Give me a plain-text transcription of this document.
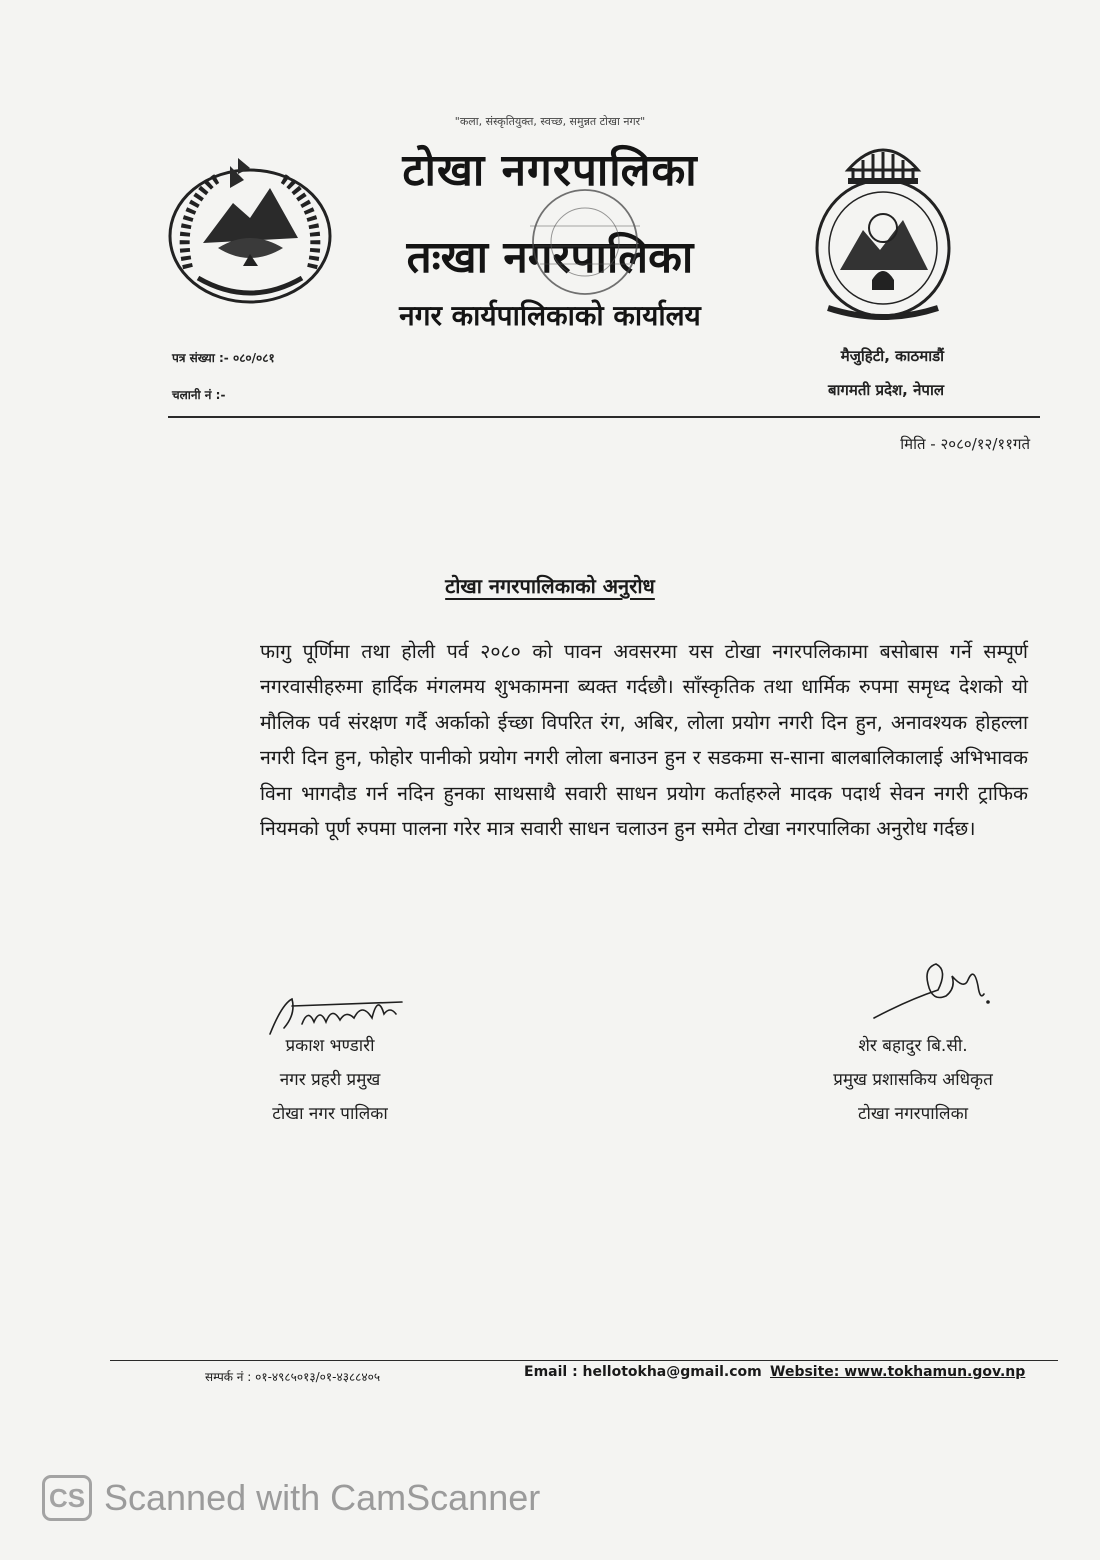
"कला, संस्कृतियुक्त, स्वच्छ, समुन्नत टोखा नगर"
टोखा नगरपालिका
तःखा नगरपालिका
नगर कार्यपालिकाको कार्यालय
पत्र संख्या :- ०८०/०८१
चलानी नं :-
मैजुहिटी, काठमाडौं
बागमती प्रदेश, नेपाल
मिति - २०८०/१२/११गते
टोखा नगरपालिकाको अनुरोध
फागु पूर्णिमा तथा होली पर्व २०८० को पावन अवसरमा यस टोखा नगरपलिकामा बसोबास गर्ने सम्पूर्ण नगरवासीहरुमा हार्दिक मंगलमय शुभकामना ब्यक्त गर्दछौ। साँस्कृतिक तथा धार्मिक रुपमा समृध्द देशको यो मौलिक पर्व संरक्षण गर्दै अर्काको ईच्छा विपरित रंग, अबिर, लोला प्रयोग नगरी दिन हुन, अनावश्यक होहल्ला नगरी दिन हुन, फोहोर पानीको प्रयोग नगरी लोला बनाउन हुन र सडकमा स-साना बालबालिकालाई अभिभावक विना भागदौड गर्न नदिन हुनका साथसाथै सवारी साधन प्रयोग कर्ताहरुले मादक पदार्थ सेवन नगरी ट्राफिक नियमको पूर्ण रुपमा पालना गरेर मात्र सवारी साधन चलाउन हुन समेत टोखा नगरपालिका अनुरोध गर्दछ।
प्रकाश भण्डारी
नगर प्रहरी प्रमुख
टोखा नगर पालिका
शेर बहादुर बि.सी.
प्रमुख प्रशासकिय अधिकृत
टोखा नगरपालिका
सम्पर्क नं : ०१-४९८५०१३/०१-४३८८४०५	Email : hellotokha@gmail.com Website: www.tokhamun.gov.np
CS Scanned with CamScanner
